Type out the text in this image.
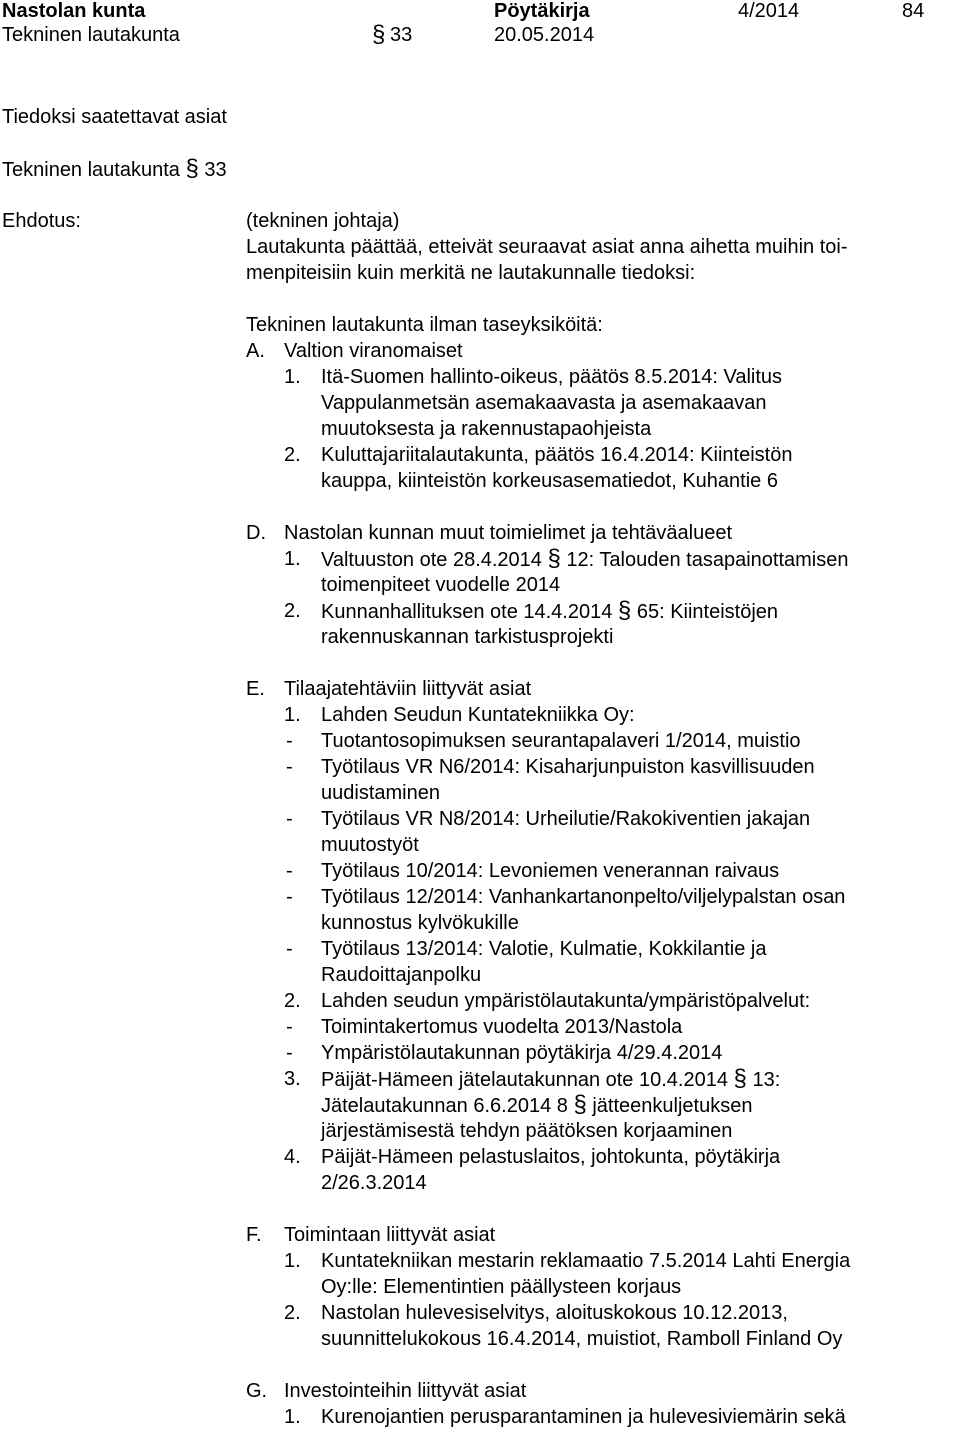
Nastolan kunta	Pöytäkirja	4/2014	84
Tekninen lautakunta	§ 33	20.05.2014
Tiedoksi saatettavat asiat
Tekninen lautakunta § 33
Ehdotus:	(tekninen johtaja)
Lautakunta päättää, etteivät seuraavat asiat anna aihetta muihin toi-
menpiteisiin kuin merkitä ne lautakunnalle tiedoksi:
Tekninen lautakunta ilman taseyksiköitä:
A. Valtion viranomaiset
1. Itä-Suomen hallinto-oikeus, päätös 8.5.2014: Valitus
Vappulanmetsän asemakaavasta ja asemakaavan
muutoksesta ja rakennustapaohjeista
2. Kuluttajariitalautakunta, päätös 16.4.2014: Kiinteistön
kauppa, kiinteistön korkeusasematiedot, Kuhantie 6
D. Nastolan kunnan muut toimielimet ja tehtäväalueet
1. Valtuuston ote 28.4.2014 § 12: Talouden tasapainottamisen
toimenpiteet vuodelle 2014
2. Kunnanhallituksen ote 14.4.2014 § 65: Kiinteistöjen
rakennuskannan tarkistusprojekti
E. Tilaajatehtäviin liittyvät asiat
1. Lahden Seudun Kuntatekniikka Oy:
- Tuotantosopimuksen seurantapalaveri 1/2014, muistio
- Työtilaus VR N6/2014: Kisaharjunpuiston kasvillisuuden
uudistaminen
- Työtilaus VR N8/2014: Urheilutie/Rakokiventien jakajan
muutostyöt
- Työtilaus 10/2014: Levoniemen venerannan raivaus
- Työtilaus 12/2014: Vanhankartanonpelto/viljelypalstan osan
kunnostus kylvökukille
- Työtilaus 13/2014: Valotie, Kulmatie, Kokkilantie ja
Raudoittajanpolku
2. Lahden seudun ympäristölautakunta/ympäristöpalvelut:
- Toimintakertomus vuodelta 2013/Nastola
- Ympäristölautakunnan pöytäkirja 4/29.4.2014
3. Päijät-Hämeen jätelautakunnan ote 10.4.2014 § 13:
Jätelautakunnan 6.6.2014 8 § jätteenkuljetuksen
järjestämisestä tehdyn päätöksen korjaaminen
4. Päijät-Hämeen pelastuslaitos, johtokunta, pöytäkirja
2/26.3.2014
F. Toimintaan liittyvät asiat
1. Kuntatekniikan mestarin reklamaatio 7.5.2014 Lahti Energia
Oy:lle: Elementintien päällysteen korjaus
2. Nastolan hulevesiselvitys, aloituskokous 10.12.2013,
suunnittelukokous 16.4.2014, muistiot, Ramboll Finland Oy
G. Investointeihin liittyvät asiat
1. Kurenojantien perusparantaminen ja hulevesiviemärin sekä
